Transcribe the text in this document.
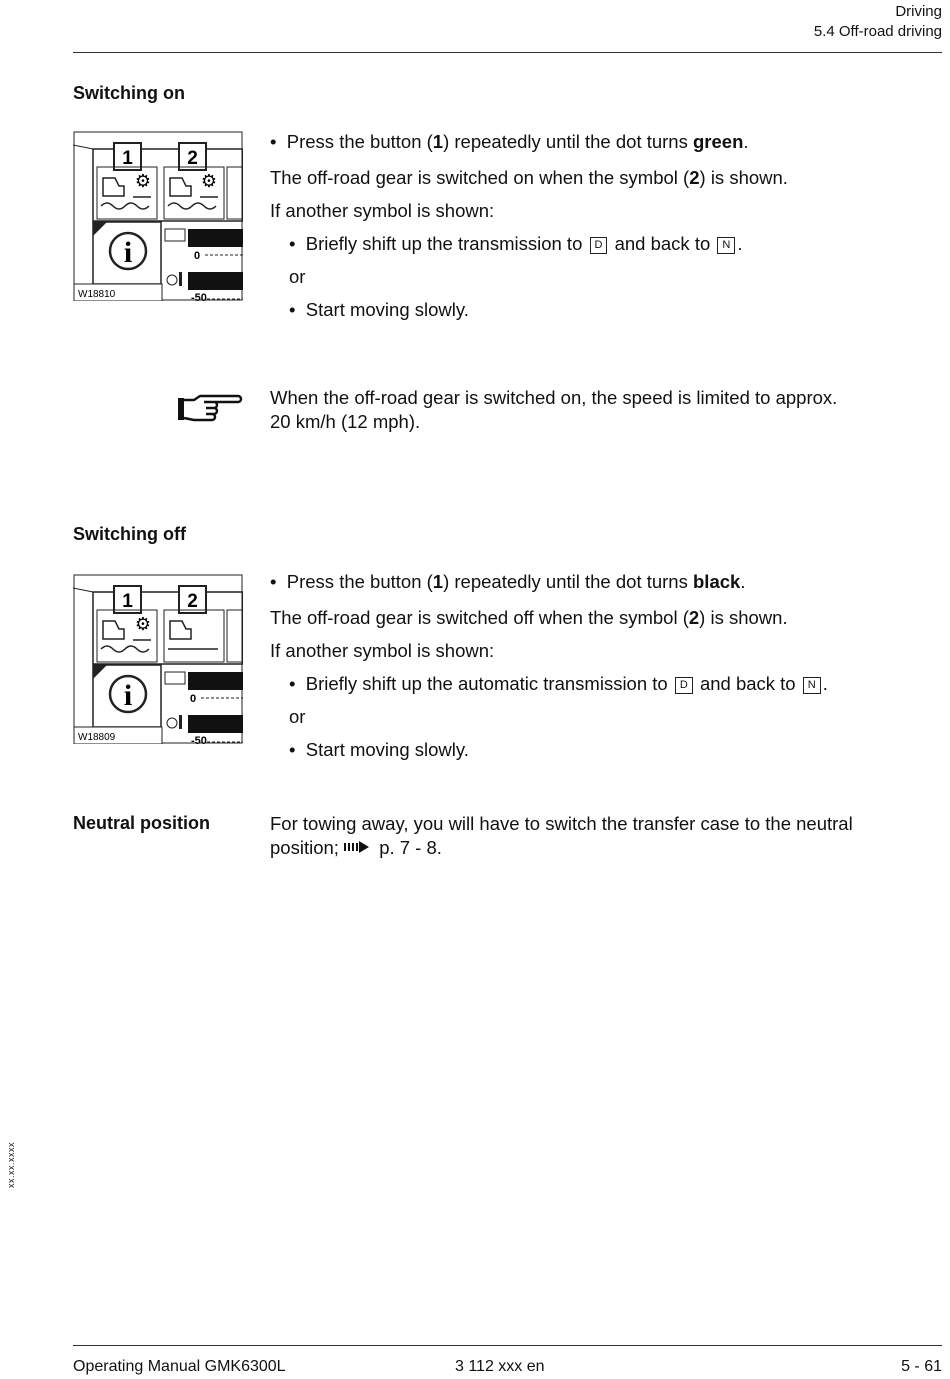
Driving
5.4 Off-road driving
Switching on
1	2
⚙	⚙
i	0
-50
W18810
• Press the button (1) repeatedly until the dot turns green.
The off-road gear is switched on when the symbol (2) is shown.
If another symbol is shown:
• Briefly shift up the transmission to D and back to N .
or
• Start moving slowly.
When the off-road gear is switched on, the speed is limited to approx.
20 km/h (12 mph).
Switching off
1	2
⚙
i	0
-50
W18809
• Press the button (1) repeatedly until the dot turns black.
The off-road gear is switched off when the symbol (2) is shown.
If another symbol is shown:
• Briefly shift up the automatic transmission to D and back to N .
or
• Start moving slowly.
Neutral position	For towing away, you will have to switch the transfer case to the neutral
position;  p. 7 - 8.
xx.xx.xxxx
Operating Manual GMK6300L	3 112 xxx en	5 - 61
